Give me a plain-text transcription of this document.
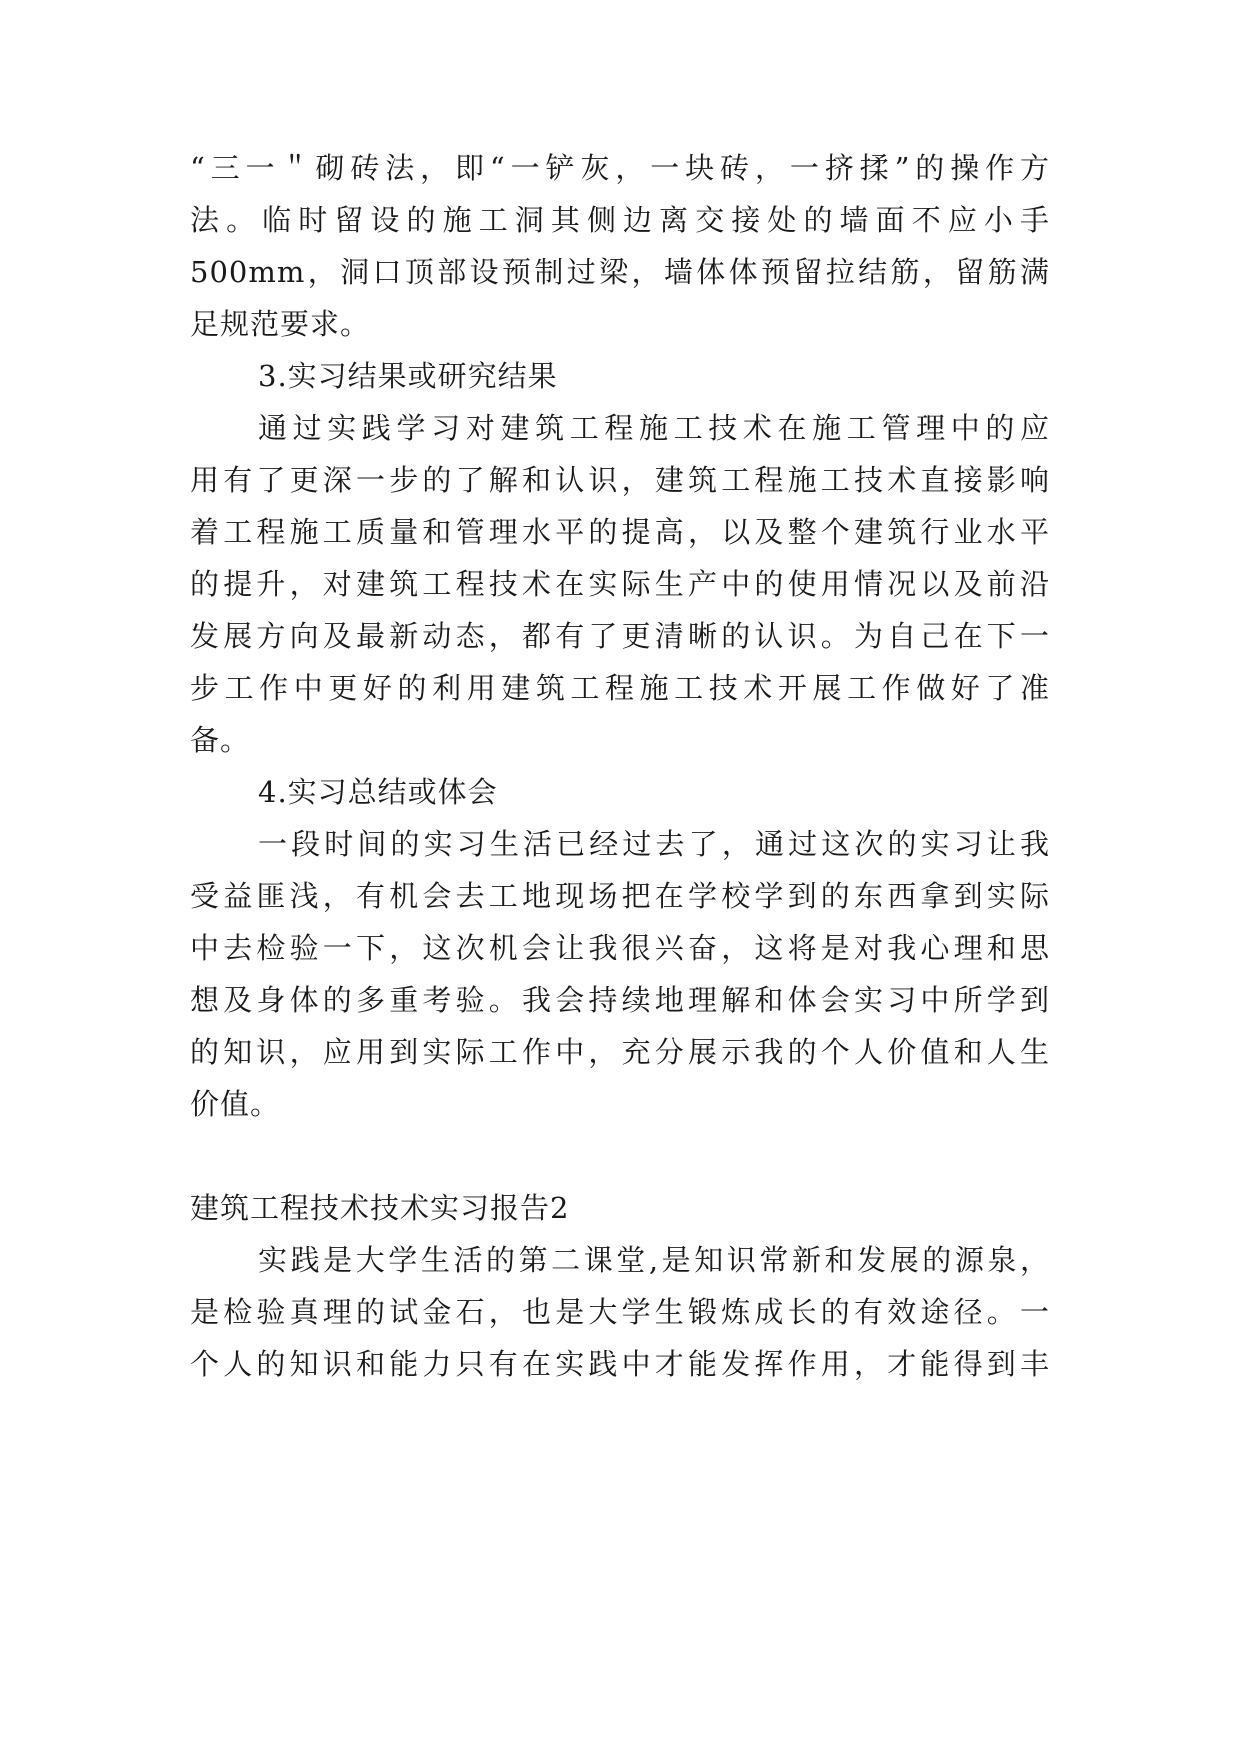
“三一＂砌砖法，即“一铲灰，一块砖，一挤揉”的操作方
法。临时留设的施工洞其侧边离交接处的墙面不应小手
500mm，洞口顶部设预制过梁，墙体体预留拉结筋，留筋满
足规范要求。
3.实习结果或研究结果
通过实践学习对建筑工程施工技术在施工管理中的应
用有了更深一步的了解和认识，建筑工程施工技术直接影响
着工程施工质量和管理水平的提高，以及整个建筑行业水平
的提升，对建筑工程技术在实际生产中的使用情况以及前沿
发展方向及最新动态，都有了更清晰的认识。为自己在下一
步工作中更好的利用建筑工程施工技术开展工作做好了准
备。
4.实习总结或体会
一段时间的实习生活已经过去了，通过这次的实习让我
受益匪浅，有机会去工地现场把在学校学到的东西拿到实际
中去检验一下，这次机会让我很兴奋，这将是对我心理和思
想及身体的多重考验。我会持续地理解和体会实习中所学到
的知识，应用到实际工作中，充分展示我的个人价值和人生
价值。
建筑工程技术技术实习报告2
实践是大学生活的第二课堂,是知识常新和发展的源泉，
是检验真理的试金石，也是大学生锻炼成长的有效途径。一
个人的知识和能力只有在实践中才能发挥作用，才能得到丰
